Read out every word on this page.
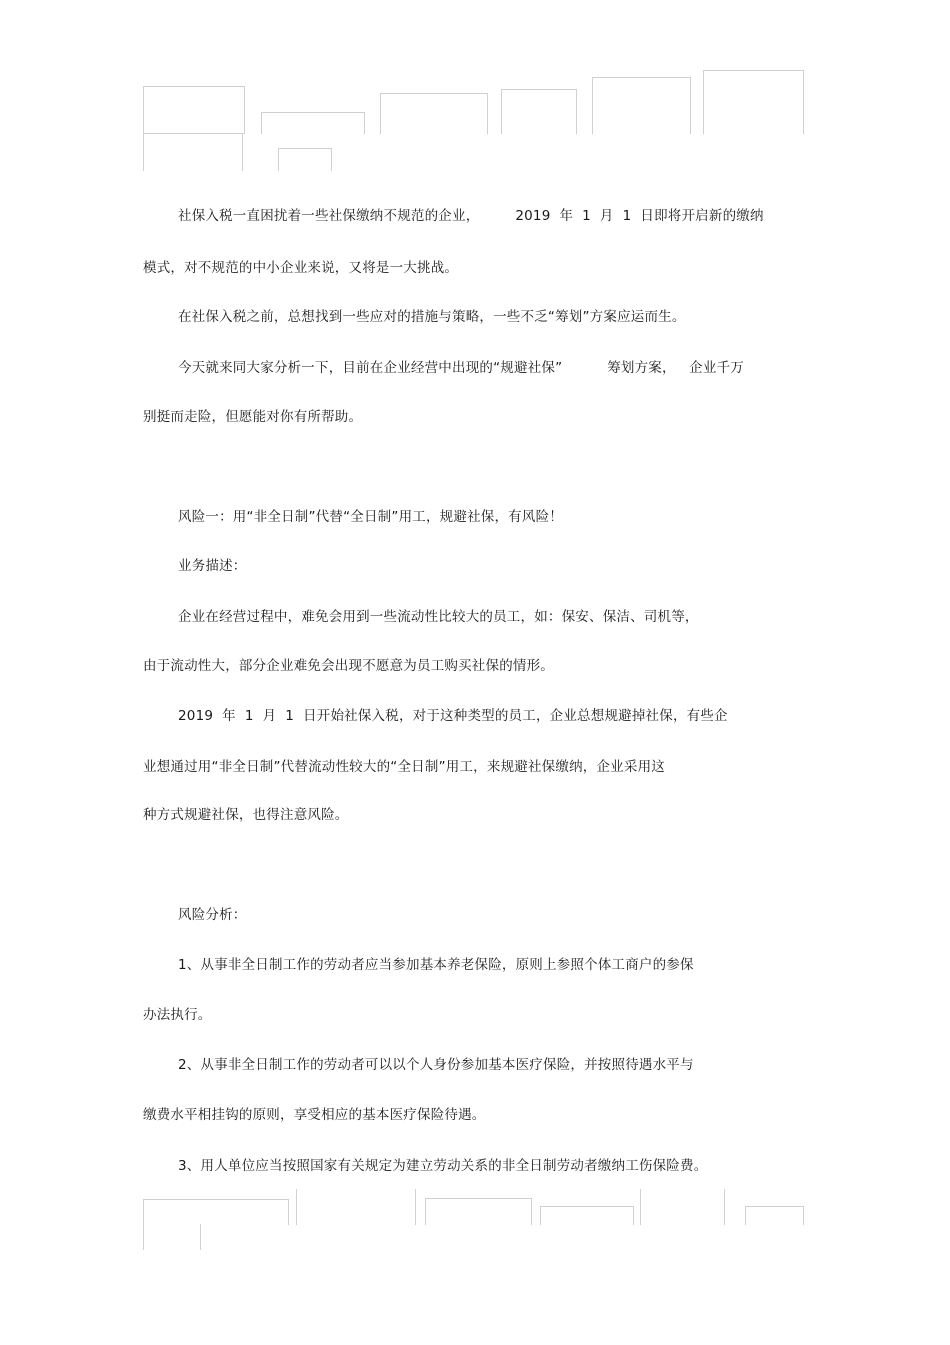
社保入税一直困扰着一些社保缴纳不规范的企业，        2019  年  1  月  1  日即将开启新的缴纳
模式，对不规范的中小企业来说，又将是一大挑战。
在社保入税之前，总想找到一些应对的措施与策略，一些不乏“筹划”方案应运而生。
今天就来同大家分析一下，目前在企业经营中出现的“规避社保”          筹划方案，   企业千万
别挺而走险，但愿能对你有所帮助。
风险一：用“非全日制”代替“全日制”用工，规避社保，有风险！
业务描述：
企业在经营过程中，难免会用到一些流动性比较大的员工，如：保安、保洁、司机等，
由于流动性大，部分企业难免会出现不愿意为员工购买社保的情形。
2019  年  1  月  1  日开始社保入税，对于这种类型的员工，企业总想规避掉社保，有些企
业想通过用“非全日制”代替流动性较大的“全日制”用工，来规避社保缴纳，企业采用这
种方式规避社保，也得注意风险。
风险分析：
1、从事非全日制工作的劳动者应当参加基本养老保险，原则上参照个体工商户的参保
办法执行。
2、从事非全日制工作的劳动者可以以个人身份参加基本医疗保险，并按照待遇水平与
缴费水平相挂钩的原则，享受相应的基本医疗保险待遇。
3、用人单位应当按照国家有关规定为建立劳动关系的非全日制劳动者缴纳工伤保险费。
